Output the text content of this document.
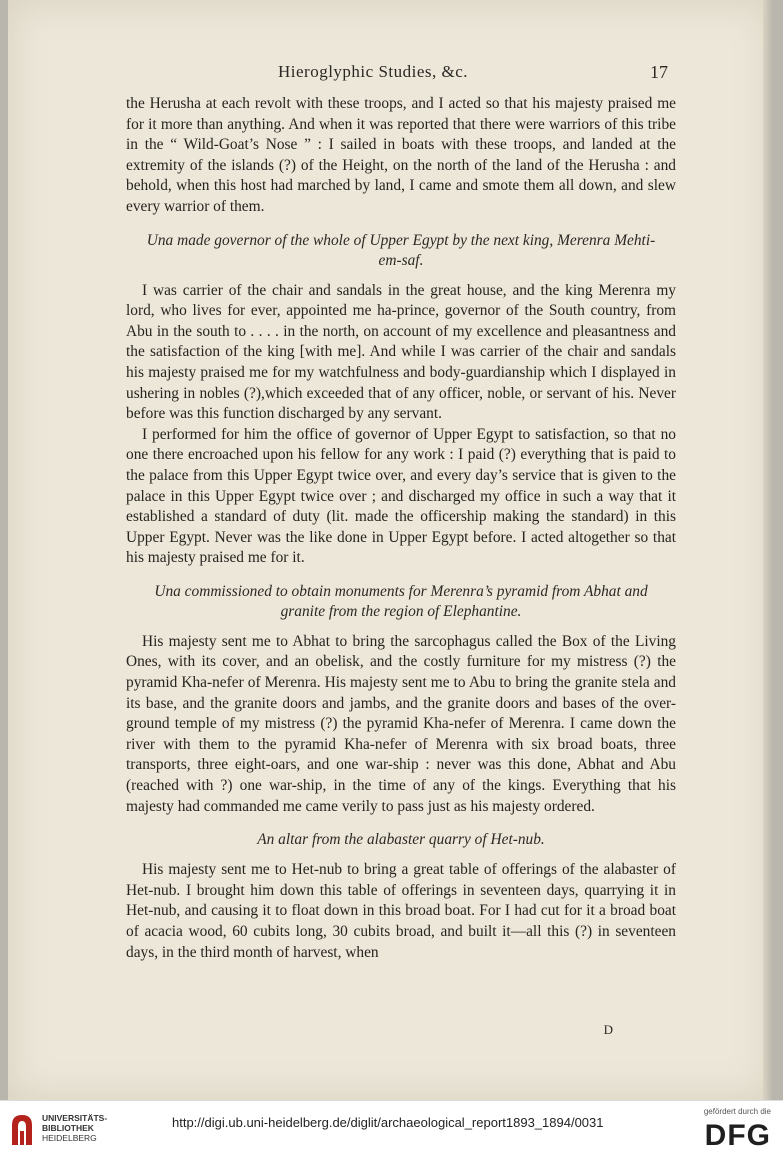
Hieroglyphic Studies, &c.	17

the Herusha at each revolt with these troops, and I acted so that his majesty praised me for it more than anything. And when it was reported that there were warriors of this tribe in the “ Wild-Goat’s Nose ” : I sailed in boats with these troops, and landed at the extremity of the islands (?) of the Height, on the north of the land of the Herusha : and behold, when this host had marched by land, I came and smote them all down, and slew every warrior of them.

Una made governor of the whole of Upper Egypt by the next king, Merenra Mehti-em-saf.

I was carrier of the chair and sandals in the great house, and the king Merenra my lord, who lives for ever, appointed me ha-prince, governor of the South country, from Abu in the south to . . . . in the north, on account of my excellence and pleasantness and the satisfaction of the king [with me]. And while I was carrier of the chair and sandals his majesty praised me for my watchfulness and body-guardianship which I displayed in ushering in nobles (?),which exceeded that of any officer, noble, or servant of his. Never before was this function discharged by any servant.

I performed for him the office of governor of Upper Egypt to satisfaction, so that no one there encroached upon his fellow for any work : I paid (?) everything that is paid to the palace from this Upper Egypt twice over, and every day’s service that is given to the palace in this Upper Egypt twice over ; and discharged my office in such a way that it established a standard of duty (lit. made the officership making the standard) in this Upper Egypt. Never was the like done in Upper Egypt before. I acted altogether so that his majesty praised me for it.

Una commissioned to obtain monuments for Merenra’s pyramid from Abhat and granite from the region of Elephantine.

His majesty sent me to Abhat to bring the sarcophagus called the Box of the Living Ones, with its cover, and an obelisk, and the costly furniture for my mistress (?) the pyramid Kha-nefer of Merenra. His majesty sent me to Abu to bring the granite stela and its base, and the granite doors and jambs, and the granite doors and bases of the over-ground temple of my mistress (?) the pyramid Kha-nefer of Merenra. I came down the river with them to the pyramid Kha-nefer of Merenra with six broad boats, three transports, three eight-oars, and one war-ship : never was this done, Abhat and Abu (reached with ?) one war-ship, in the time of any of the kings. Everything that his majesty had commanded me came verily to pass just as his majesty ordered.

An altar from the alabaster quarry of Het-nub.

His majesty sent me to Het-nub to bring a great table of offerings of the alabaster of Het-nub. I brought him down this table of offerings in seventeen days, quarrying it in Het-nub, and causing it to float down in this broad boat. For I had cut for it a broad boat of acacia wood, 60 cubits long, 30 cubits broad, and built it—all this (?) in seventeen days, in the third month of harvest, when

D
UNIVERSITÄTS-
BIBLIOTHEK
HEIDELBERG
http://digi.ub.uni-heidelberg.de/diglit/archaeological_report1893_1894/0031
gefördert durch die
DFG
